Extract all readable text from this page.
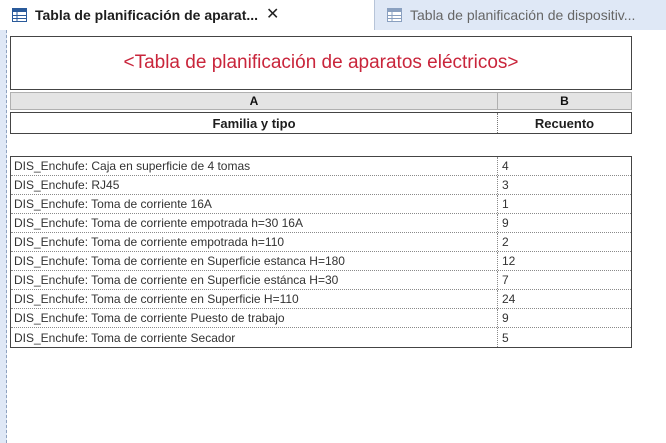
Tabla de planificación de aparat... ✕	Tabla de planificación de dispositiv...
<Tabla de planificación de aparatos eléctricos>
A	B
Familia y tipo	Recuento
DIS_Enchufe: Caja en superficie de 4 tomas	4
DIS_Enchufe: RJ45	3
DIS_Enchufe: Toma de corriente 16A	1
DIS_Enchufe: Toma de corriente empotrada h=30 16A	9
DIS_Enchufe: Toma de corriente empotrada h=110	2
DIS_Enchufe: Toma de corriente en Superficie estanca H=180	12
DIS_Enchufe: Toma de corriente en Superficie estánca H=30	7
DIS_Enchufe: Toma de corriente en Superficie H=110	24
DIS_Enchufe: Toma de corriente Puesto de trabajo	9
DIS_Enchufe: Toma de corriente Secador	5
